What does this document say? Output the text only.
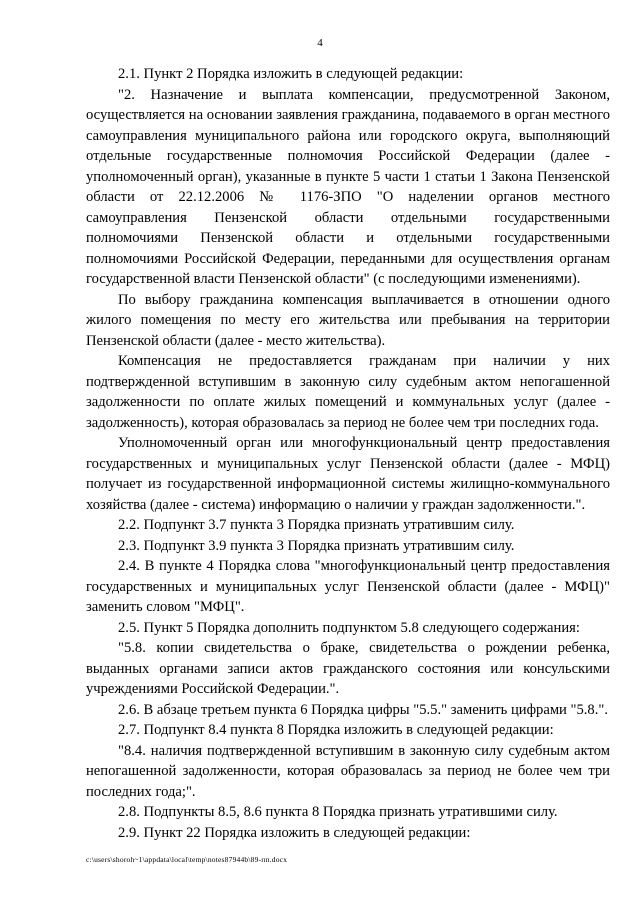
4

2.1. Пункт 2 Порядка изложить в следующей редакции:

"2. Назначение и выплата компенсации, предусмотренной Законом, осуществляется на основании заявления гражданина, подаваемого в орган местного самоуправления муниципального района или городского округа, выполняющий отдельные государственные полномочия Российской Федерации (далее - уполномоченный орган), указанные в пункте 5 части 1 статьи 1 Закона Пензенской области от 22.12.2006 № 1176-ЗПО "О наделении органов местного самоуправления Пензенской области отдельными государственными полномочиями Пензенской области и отдельными государственными полномочиями Российской Федерации, переданными для осуществления органам государственной власти Пензенской области" (с последующими изменениями).

По выбору гражданина компенсация выплачивается в отношении одного жилого помещения по месту его жительства или пребывания на территории Пензенской области (далее - место жительства).

Компенсация не предоставляется гражданам при наличии у них подтвержденной вступившим в законную силу судебным актом непогашенной задолженности по оплате жилых помещений и коммунальных услуг (далее - задолженность), которая образовалась за период не более чем три последних года.

Уполномоченный орган или многофункциональный центр предоставления государственных и муниципальных услуг Пензенской области (далее - МФЦ) получает из государственной информационной системы жилищно-коммунального хозяйства (далее - система) информацию о наличии у граждан задолженности.".

2.2. Подпункт 3.7 пункта 3 Порядка признать утратившим силу.

2.3. Подпункт 3.9 пункта 3 Порядка признать утратившим силу.

2.4. В пункте 4 Порядка слова "многофункциональный центр предоставления государственных и муниципальных услуг Пензенской области (далее - МФЦ)" заменить словом "МФЦ".

2.5. Пункт 5 Порядка дополнить подпунктом 5.8 следующего содержания:

"5.8. копии свидетельства о браке, свидетельства о рождении ребенка, выданных органами записи актов гражданского состояния или консульскими учреждениями Российской Федерации.".

2.6. В абзаце третьем пункта 6 Порядка цифры "5.5." заменить цифрами "5.8.".

2.7. Подпункт 8.4 пункта 8 Порядка изложить в следующей редакции:

"8.4. наличия подтвержденной вступившим в законную силу судебным актом непогашенной задолженности, которая образовалась за период не более чем три последних года;".

2.8. Подпункты 8.5, 8.6 пункта 8 Порядка признать утратившими силу.

2.9. Пункт 22 Порядка изложить в следующей редакции:

c:\users\shoroh~1\appdata\local\temp\notes87944b\89-пп.docx
